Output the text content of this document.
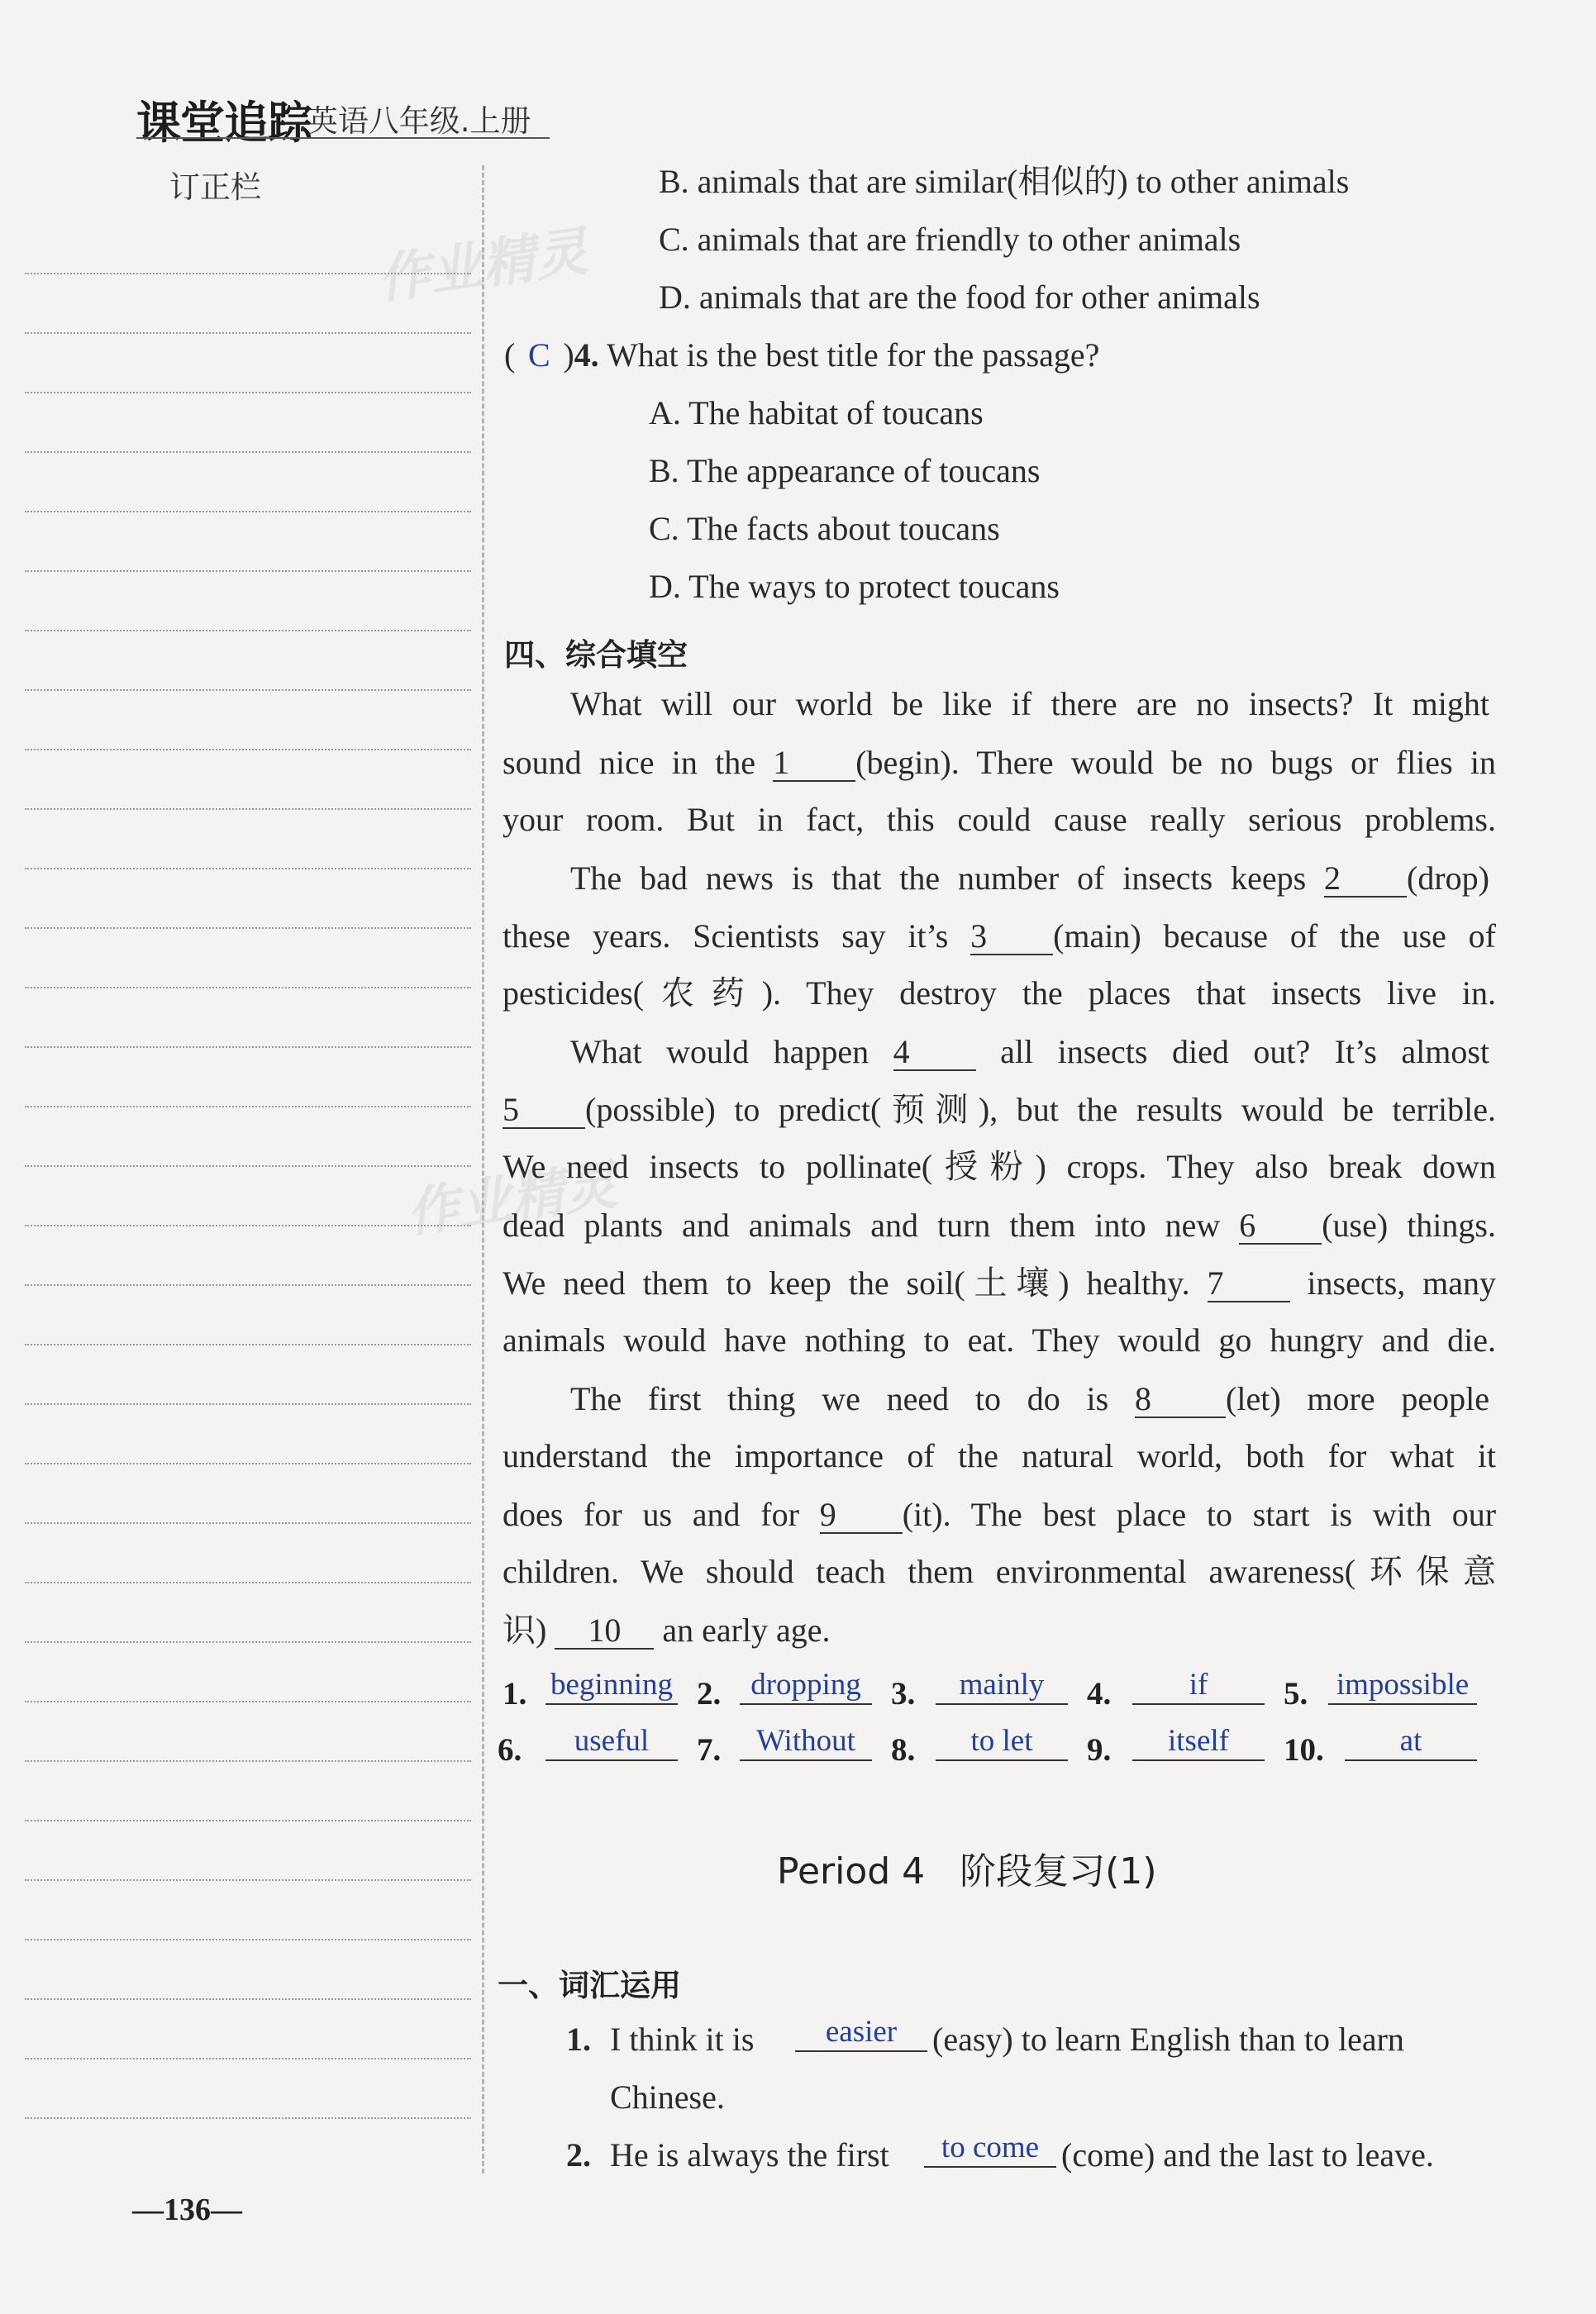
课堂追踪
.英语八年级.上册
作业精灵
作业精灵
订正栏	B. animals that are similar(相似的) to other animals
C. animals that are friendly to other animals
D. animals that are the food for other animals
( C )4. What is the best title for the passage?
A. The habitat of toucans
B. The appearance of toucans
C. The facts about toucans
D. The ways to protect toucans
四、综合填空
What will our world be like if there are no insects? It might
sound nice in the 1 (begin). There would be no bugs or flies in
your room. But in fact, this could cause really serious problems.
The bad news is that the number of insects keeps 2 (drop)
these years. Scientists say it’s 3 (main) because of the use of
pesticides(农药). They destroy the places that insects live in.
What would happen 4	all insects died out? It’s almost
5 (possible) to predict(预测), but the results would be terrible.
We need insects to pollinate(授粉) crops. They also break down
dead plants and animals and turn them into new 6 (use) things.
We need them to keep the soil(土壤) healthy. 7	insects, many
animals would have nothing to eat. They would go hungry and die.
The first thing we need to do is 8 (let) more people
understand the importance of the natural world, both for what it
does for us and for 9 (it). The best place to start is with our
children. We should teach them environmental awareness(环保意
识) 10 an early age.
1. beginning 2. dropping 3.	mainly	4.	if	5. impossible
6.	useful	7.	Without	8.	to let	9.	itself	10.	at
Period 4 阶段复习(1)
一、词汇运用
1. I think it is	easier	(easy) to learn English than to learn
Chinese.
2. He is always the first	to come (come) and the last to leave.
—136—
